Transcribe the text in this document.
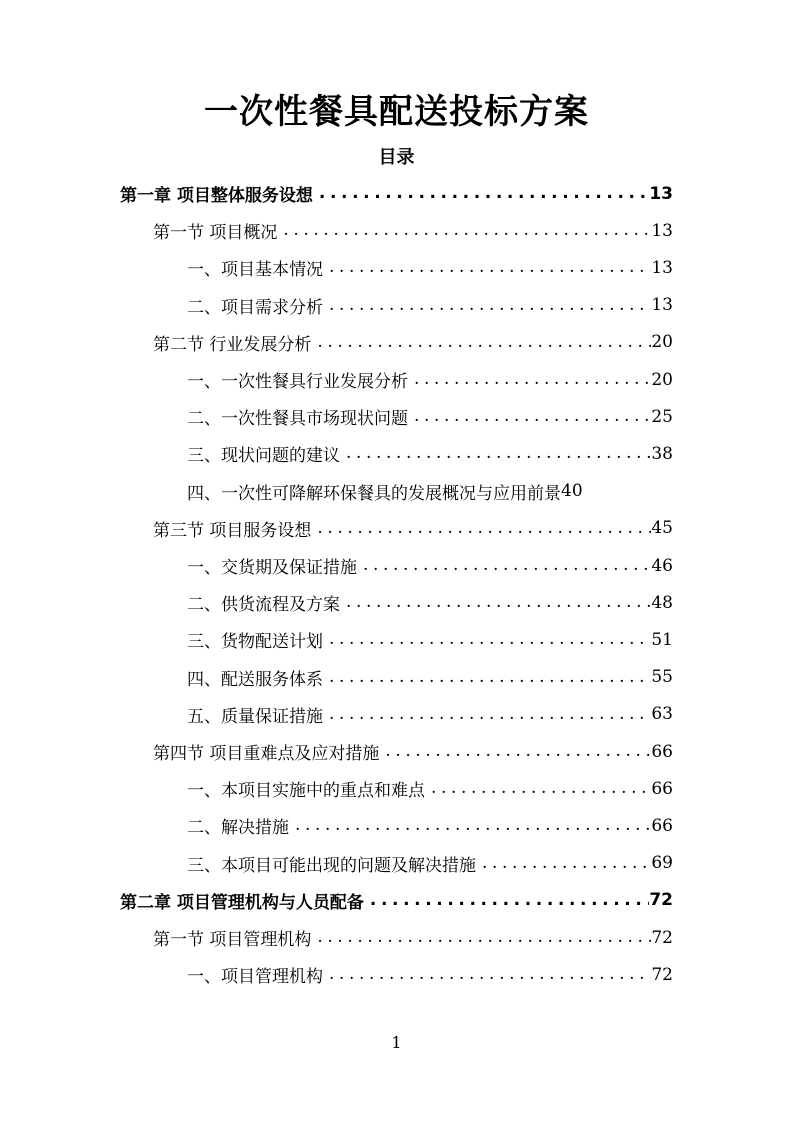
一次性餐具配送投标方案
目录
第一章 项目整体服务设想 .....	13
第一节 项目概况 .....	13
一、项目基本情况 .....	13
二、项目需求分析 .....	13
第二节 行业发展分析 .....	20
一、一次性餐具行业发展分析 .....	20
二、一次性餐具市场现状问题 .....	25
三、现状问题的建议 .....	38
四、一次性可降解环保餐具的发展概况与应用前景 40
第三节 项目服务设想 .....	45
一、交货期及保证措施 .....	46
二、供货流程及方案 .....	48
三、货物配送计划 .....	51
四、配送服务体系 .....	55
五、质量保证措施 .....	63
第四节 项目重难点及应对措施 .....	66
一、本项目实施中的重点和难点 .....	66
二、解决措施 .....	66
三、本项目可能出现的问题及解决措施 .....	69
第二章 项目管理机构与人员配备 .....	72
第一节 项目管理机构 .....	72
一、项目管理机构 .....	72
1
